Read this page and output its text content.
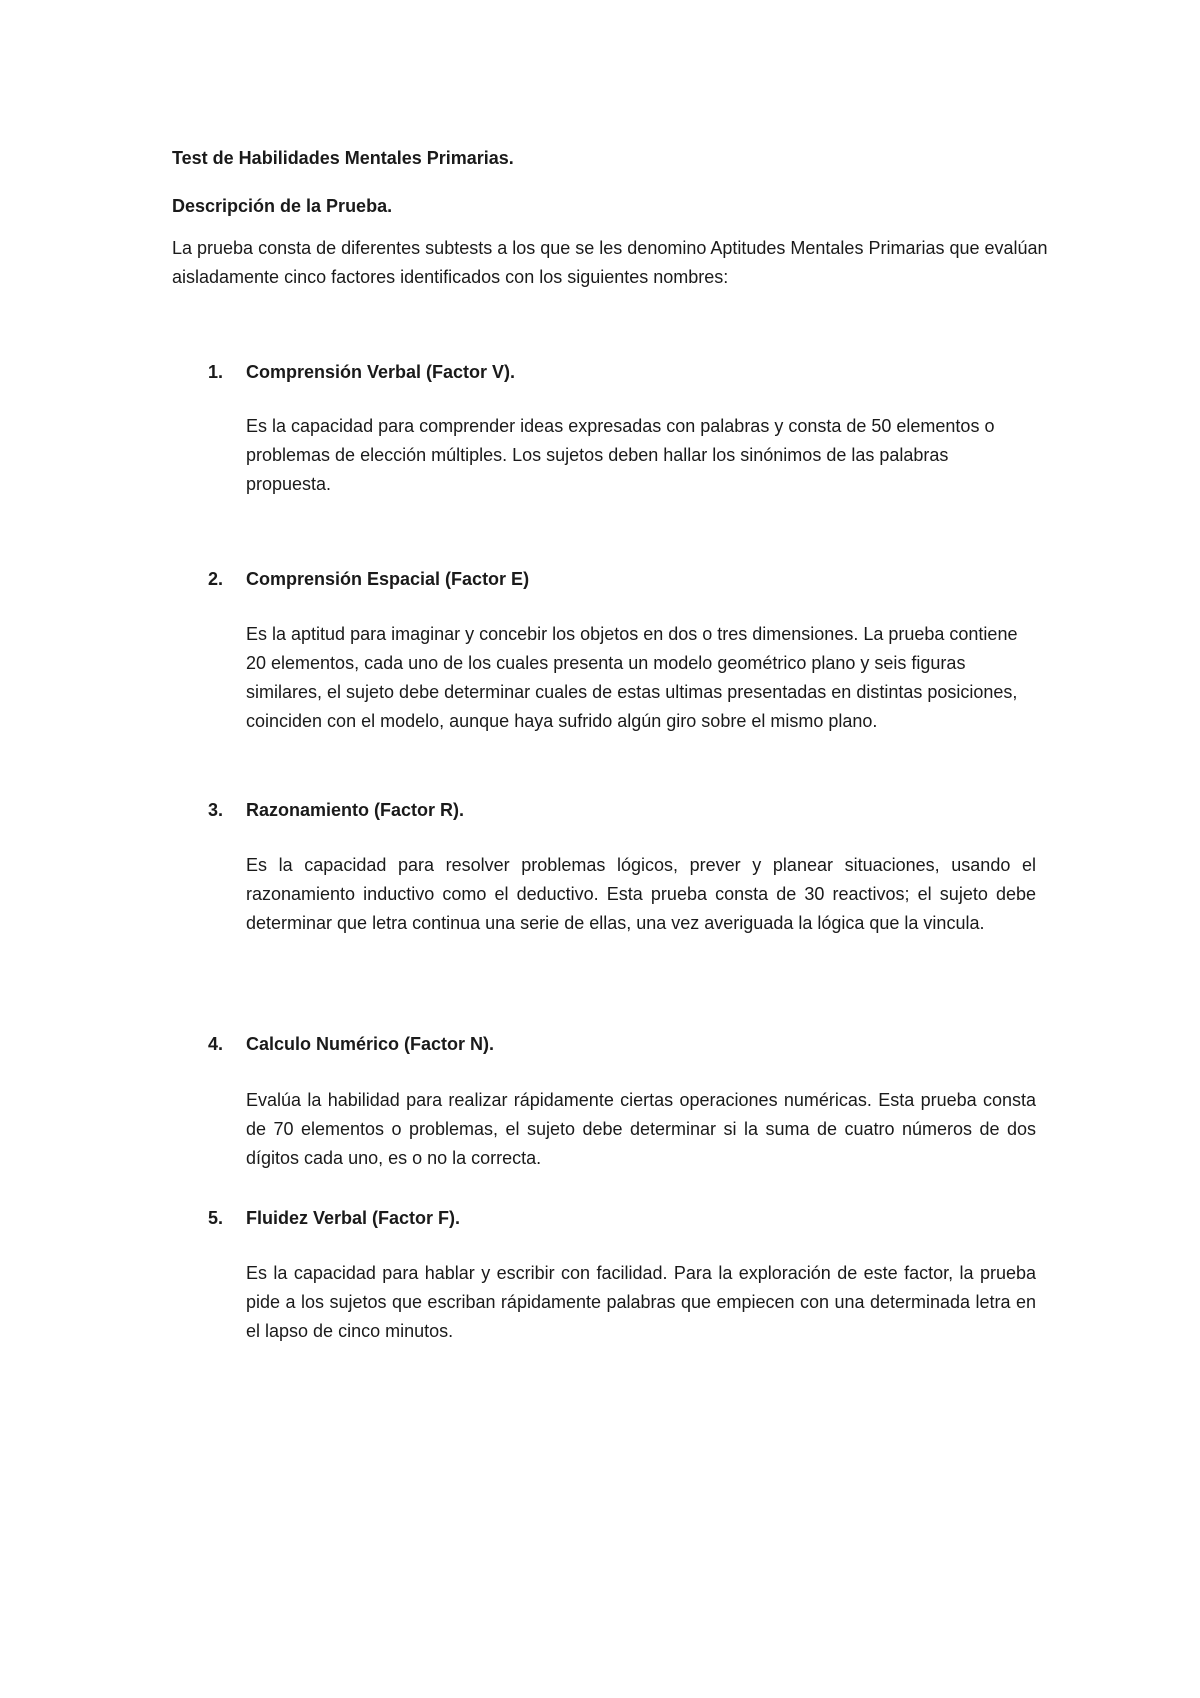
Test de Habilidades Mentales Primarias.
Descripción de la Prueba.
La prueba consta de diferentes subtests a los que se les denomino Aptitudes Mentales Primarias que evalúan aisladamente cinco factores identificados con los siguientes nombres:
1. Comprensión Verbal (Factor V).
Es la capacidad para comprender ideas expresadas con palabras y consta de 50 elementos o problemas de elección múltiples. Los sujetos deben hallar los sinónimos de las palabras propuesta.
2. Comprensión Espacial (Factor E)
Es la aptitud para imaginar y concebir los objetos en dos o tres dimensiones. La prueba contiene 20 elementos, cada uno de los cuales presenta un modelo geométrico plano y seis figuras similares, el sujeto debe determinar cuales de estas ultimas presentadas en distintas posiciones, coinciden con el modelo, aunque haya sufrido algún giro sobre el mismo plano.
3. Razonamiento (Factor R).
Es la capacidad para resolver problemas lógicos, prever y planear situaciones, usando el razonamiento inductivo como el deductivo. Esta prueba consta de 30 reactivos; el sujeto debe determinar que letra continua una serie de ellas, una vez averiguada la lógica que la vincula.
4. Calculo Numérico (Factor N).
Evalúa la habilidad para realizar rápidamente ciertas operaciones numéricas. Esta prueba consta de 70 elementos o problemas, el sujeto debe determinar si la suma de cuatro números de dos dígitos cada uno, es o no la correcta.
5. Fluidez Verbal (Factor F).
Es la capacidad para hablar y escribir con facilidad. Para la exploración de este factor, la prueba pide a los sujetos que escriban rápidamente palabras que empiecen con una determinada letra en el lapso de cinco minutos.
